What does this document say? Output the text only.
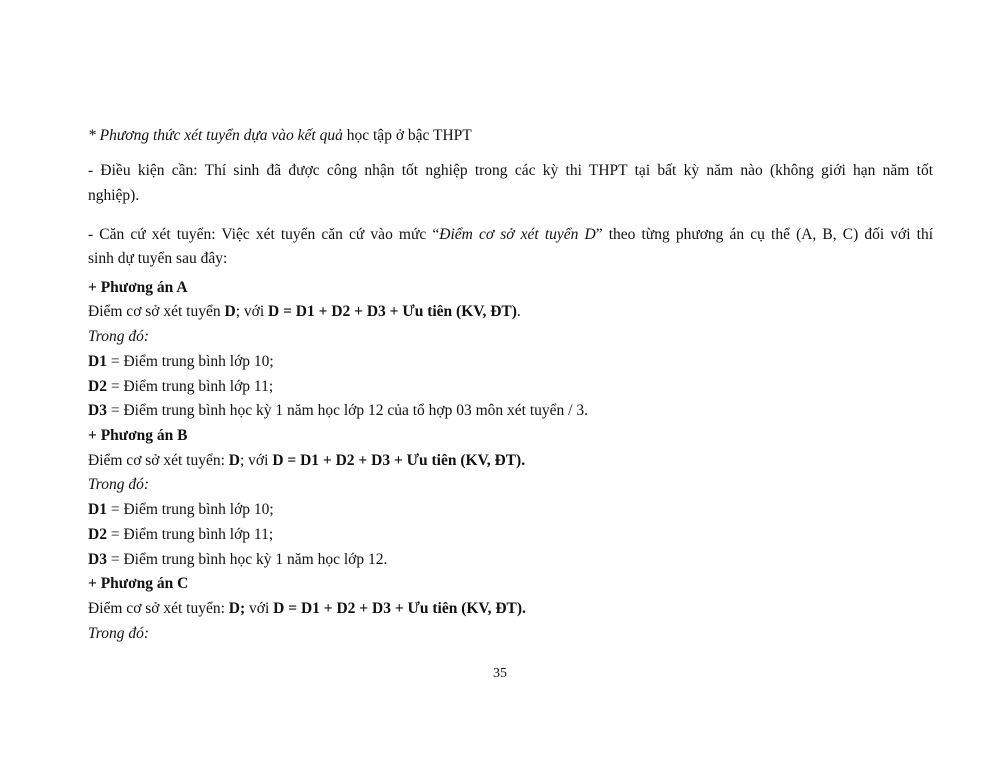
* Phương thức xét tuyển dựa vào kết quả học tập ở bậc THPT
- Điều kiện cần: Thí sinh đã được công nhận tốt nghiệp trong các kỳ thi THPT tại bất kỳ năm nào (không giới hạn năm tốt
nghiệp).
- Căn cứ xét tuyển: Việc xét tuyển căn cứ vào mức “Điểm cơ sở xét tuyển D” theo từng phương án cụ thể (A, B, C) đối với thí
sinh dự tuyển sau đây:
+ Phương án A
Điểm cơ sở xét tuyển D; với D = D1 + D2 + D3 + Ưu tiên (KV, ĐT).
Trong đó:
D1 = Điểm trung bình lớp 10;
D2 = Điểm trung bình lớp 11;
D3 = Điểm trung bình học kỳ 1 năm học lớp 12 của tổ hợp 03 môn xét tuyển / 3.
+ Phương án B
Điểm cơ sở xét tuyển: D; với D = D1 + D2 + D3 + Ưu tiên (KV, ĐT).
Trong đó:
D1 = Điểm trung bình lớp 10;
D2 = Điểm trung bình lớp 11;
D3 = Điểm trung bình học kỳ 1 năm học lớp 12.
+ Phương án C
Điểm cơ sở xét tuyển: D; với D = D1 + D2 + D3 + Ưu tiên (KV, ĐT).
Trong đó:
35
